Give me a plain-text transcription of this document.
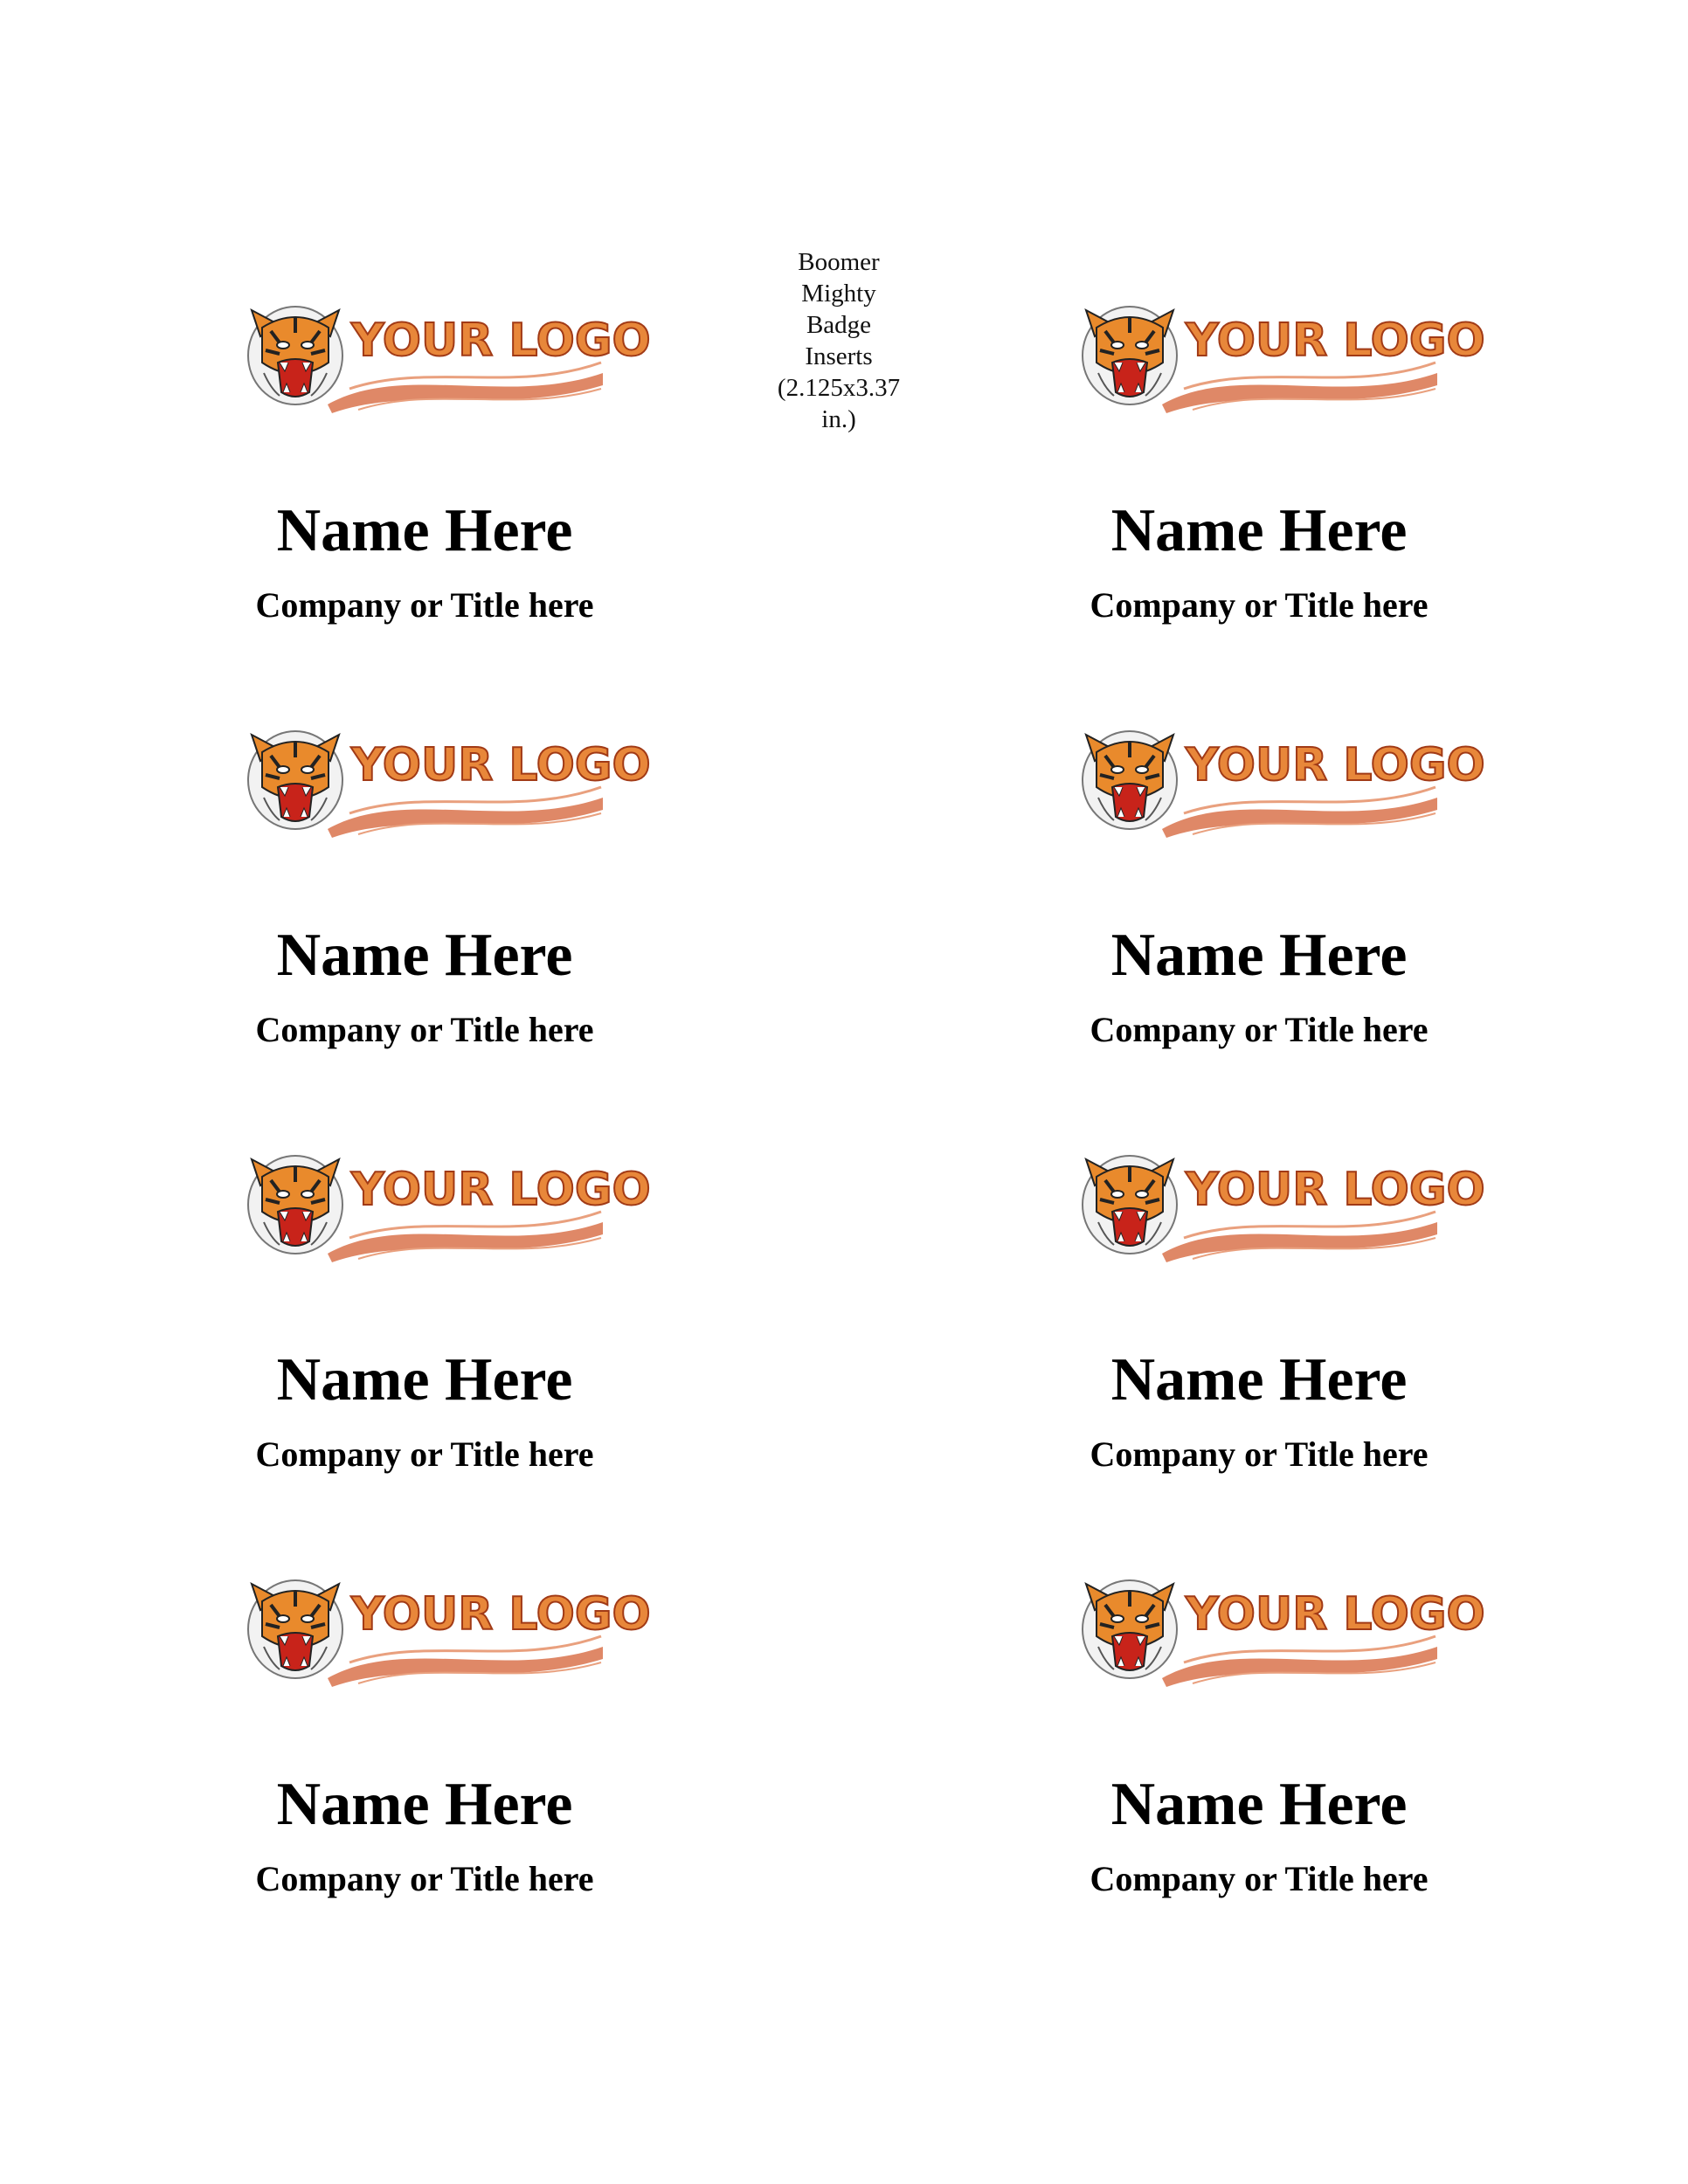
Boomer
Mighty
Badge
Inserts
(2.125x3.37
in.)
YOUR LOGO
Name Here
Company or Title here
YOUR LOGO
Name Here
Company or Title here
YOUR LOGO
Name Here
Company or Title here
YOUR LOGO
Name Here
Company or Title here
YOUR LOGO
Name Here
Company or Title here
YOUR LOGO
Name Here
Company or Title here
YOUR LOGO
Name Here
Company or Title here
YOUR LOGO
Name Here
Company or Title here
